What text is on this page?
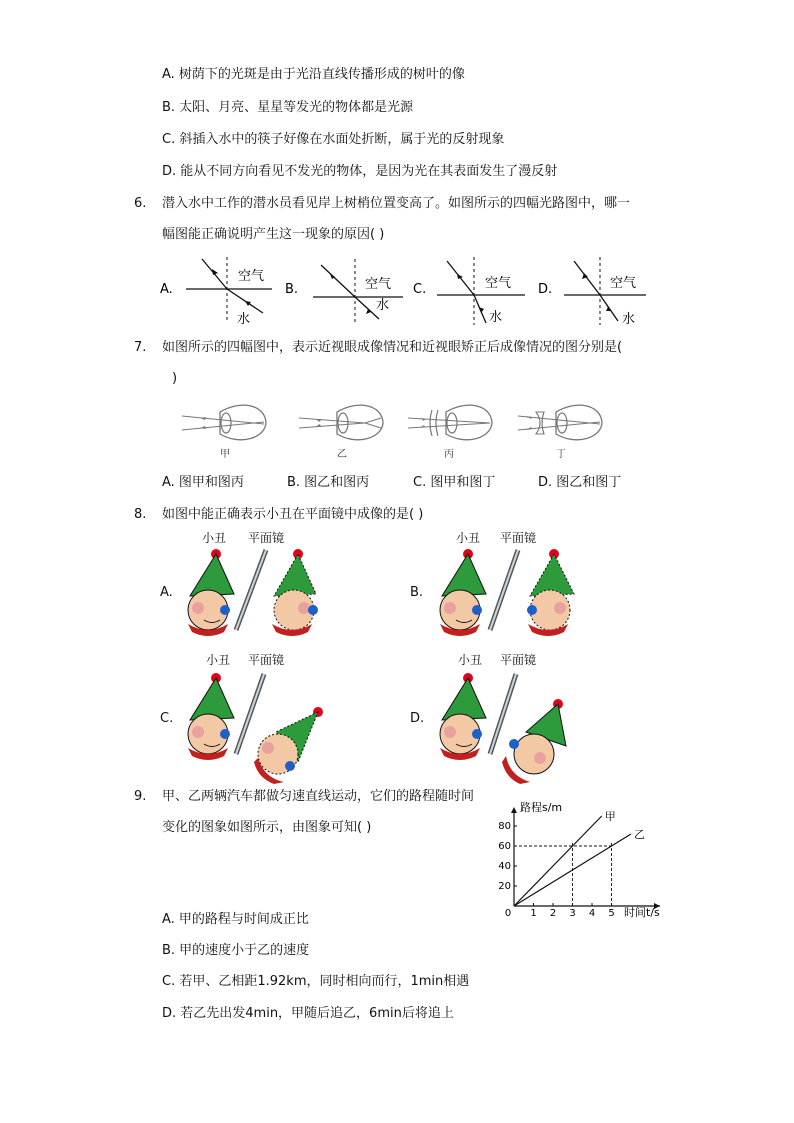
A. 树荫下的光斑是由于光沿直线传播形成的树叶的像
B. 太阳、月亮、星星等发光的物体都是光源
C. 斜插入水中的筷子好像在水面处折断，属于光的反射现象
D. 能从不同方向看见不发光的物体，是因为光在其表面发生了漫反射
6.	潜入水中工作的潜水员看见岸上树梢位置变高了。如图所示的四幅光路图中，哪一
幅图能正确说明产生这一现象的原因( )
A.
空气
水
B.	空气
水
C.	空气
水
D.	空气
水
7.	如图所示的四幅图中，表示近视眼成像情况和近视眼矫正后成像情况的图分别是(
)
甲	乙	丙	丁
A. 图甲和图丙	B. 图乙和图丙	C. 图甲和图丁	D. 图乙和图丁
8.	如图中能正确表示小丑在平面镜中成像的是( )
A.
小丑 平面镜
B.
小丑 平面镜
C.
小丑 平面镜
D.
小丑 平面镜
9.	甲、乙两辆汽车都做匀速直线运动，它们的路程随时间
变化的图象如图所示，由图象可知( )
路程s/m
时间t/s
0 1 2 3 4 5
20
40
60
80
甲
乙
A. 甲的路程与时间成正比
B. 甲的速度小于乙的速度
C. 若甲、乙相距1.92km，同时相向而行，1min相遇
D. 若乙先出发4min，甲随后追乙，6min后将追上
